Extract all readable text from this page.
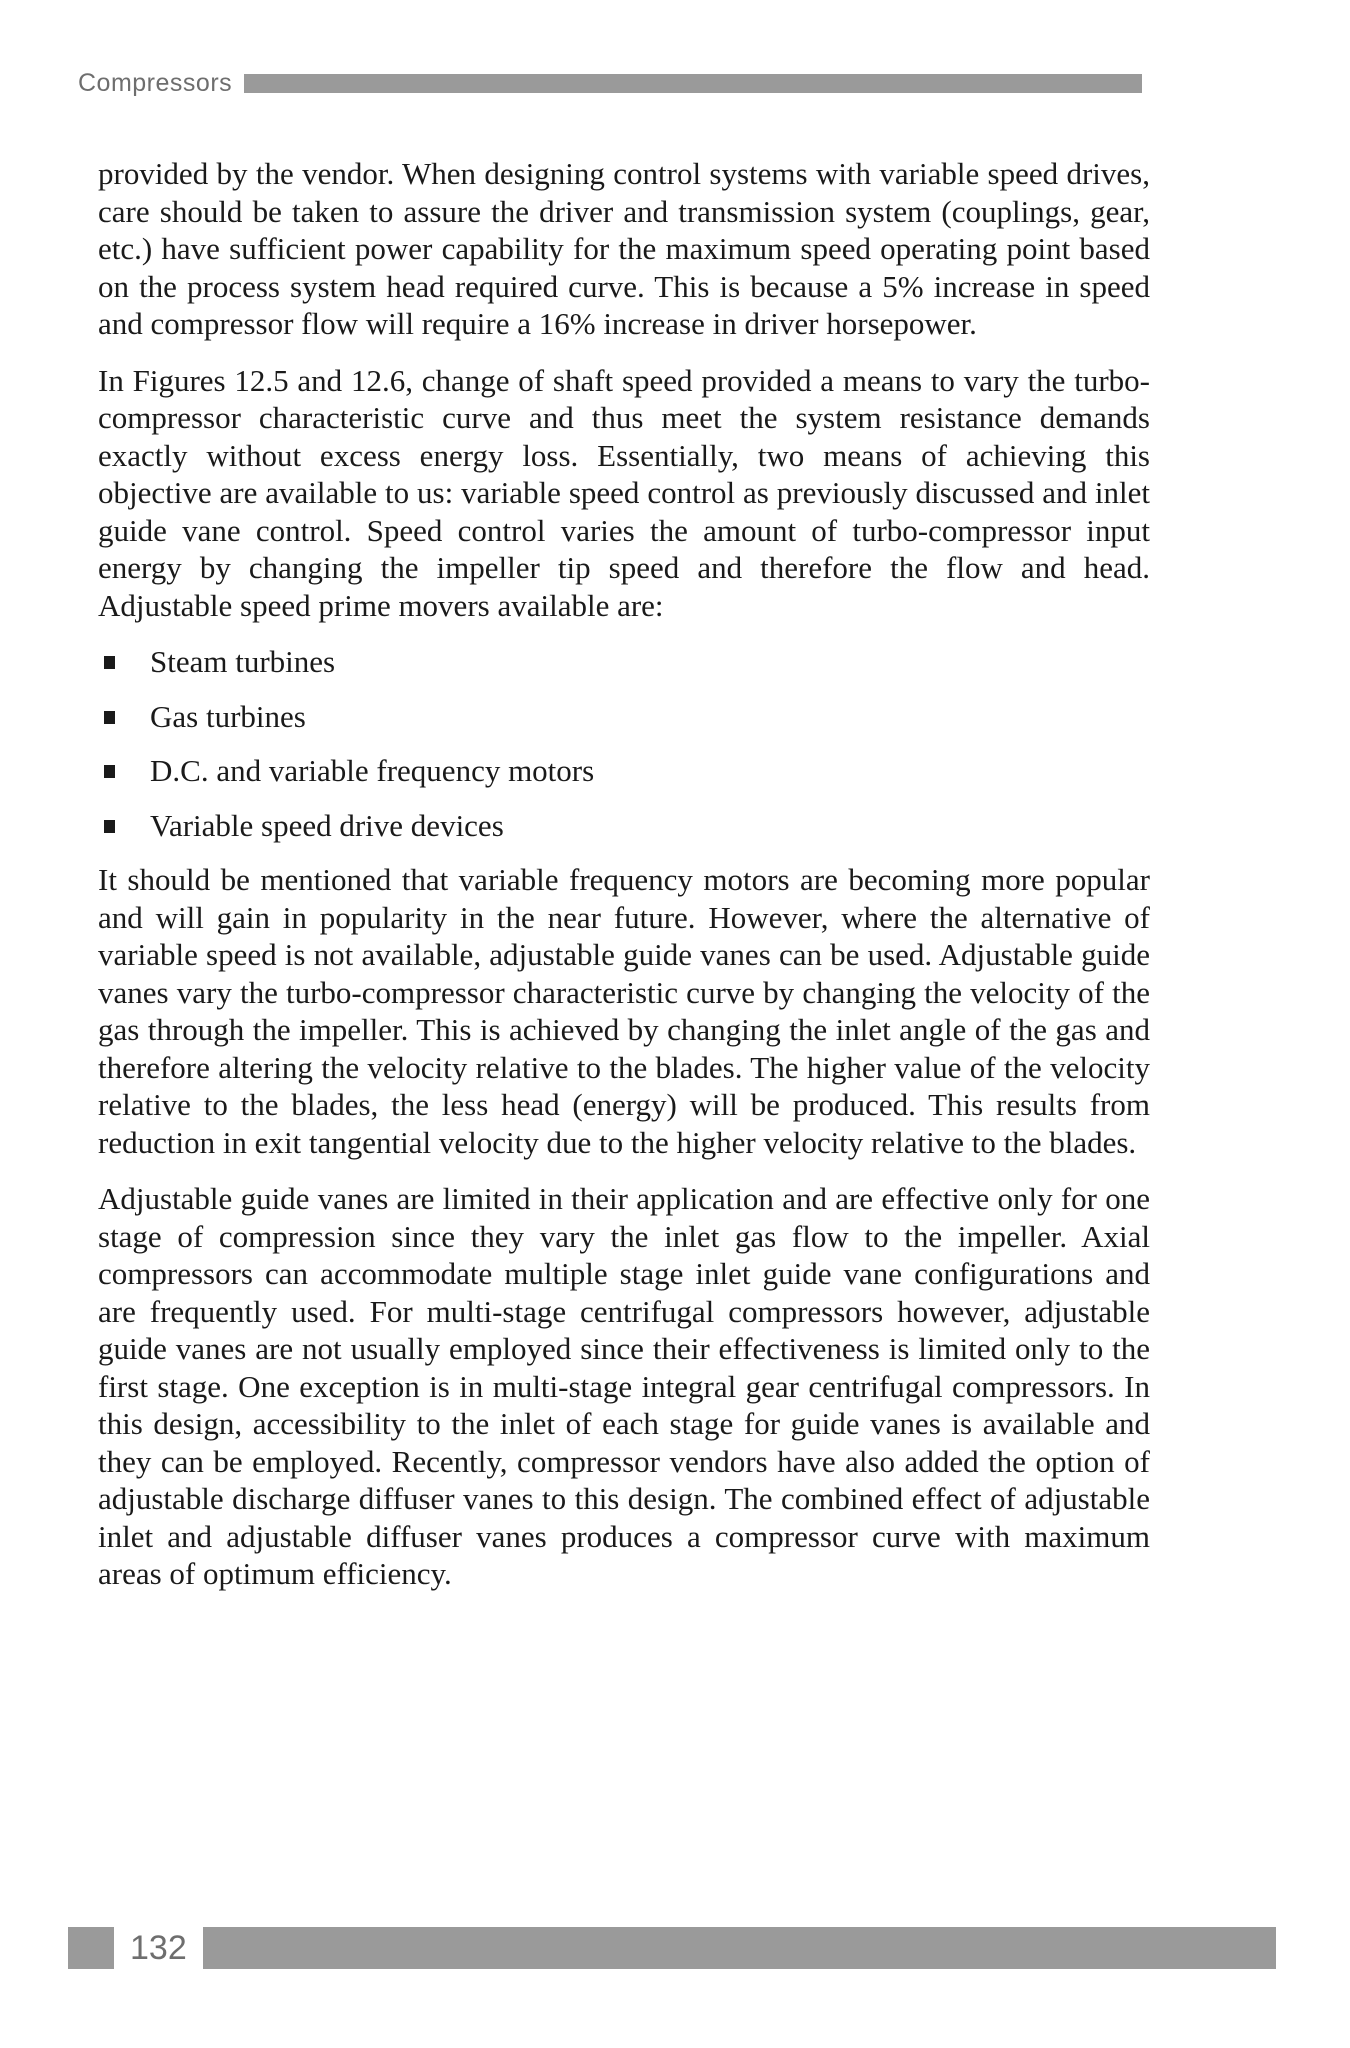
Compressors

provided by the vendor. When designing control systems with variable speed drives, care should be taken to assure the driver and transmission system (couplings, gear, etc.) have sufficient power capability for the maximum speed operating point based on the process system head required curve. This is because a 5% increase in speed and compressor flow will require a 16% increase in driver horsepower.

In Figures 12.5 and 12.6, change of shaft speed provided a means to vary the turbo-compressor characteristic curve and thus meet the system resistance demands exactly without excess energy loss. Essentially, two means of achieving this objective are available to us: variable speed control as previously discussed and inlet guide vane control. Speed control varies the amount of turbo-compressor input energy by changing the impeller tip speed and therefore the flow and head. Adjustable speed prime movers available are:

Steam turbines
Gas turbines
D.C. and variable frequency motors
Variable speed drive devices

It should be mentioned that variable frequency motors are becoming more popular and will gain in popularity in the near future. However, where the alternative of variable speed is not available, adjustable guide vanes can be used. Adjustable guide vanes vary the turbo-compressor characteristic curve by changing the velocity of the gas through the impeller. This is achieved by changing the inlet angle of the gas and therefore altering the velocity relative to the blades. The higher value of the velocity relative to the blades, the less head (energy) will be produced. This results from reduction in exit tangential velocity due to the higher velocity relative to the blades.

Adjustable guide vanes are limited in their application and are effective only for one stage of compression since they vary the inlet gas flow to the impeller. Axial compressors can accommodate multiple stage inlet guide vane configurations and are frequently used. For multi-stage centrifugal compressors however, adjustable guide vanes are not usually employed since their effectiveness is limited only to the first stage. One exception is in multi-stage integral gear centrifugal compressors. In this design, accessibility to the inlet of each stage for guide vanes is available and they can be employed. Recently, compressor vendors have also added the option of adjustable discharge diffuser vanes to this design. The combined effect of adjustable inlet and adjustable diffuser vanes produces a compressor curve with maximum areas of optimum efficiency.

132
